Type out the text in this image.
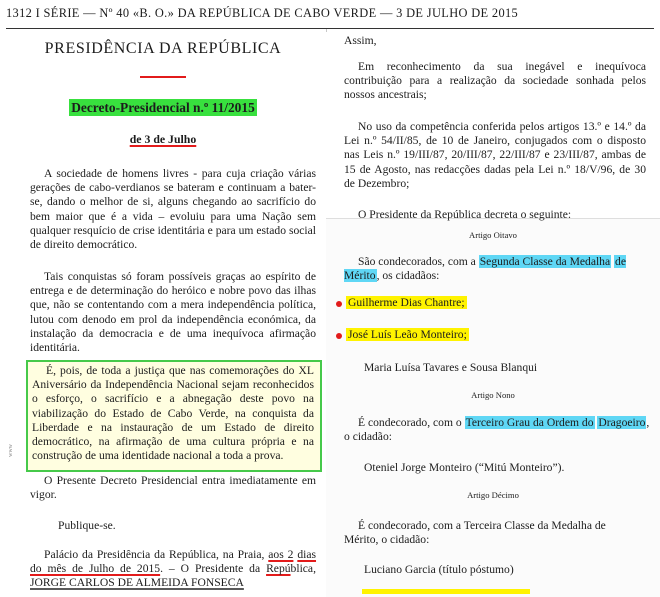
1312 I SÉRIE — Nº 40 «B. O.» DA REPÚBLICA DE CABO VERDE — 3 DE JULHO DE 2015
PRESIDÊNCIA DA REPÚBLICA
Decreto-Presidencial n.º 11/2015
de 3 de Julho
A sociedade de homens livres - para cuja criação várias gerações de cabo-verdianos se bateram e continuam a bater-se, dando o melhor de si, alguns chegando ao sacrifício do bem maior que é a vida – evoluiu para uma Nação sem qualquer resquício de crise identitária e para um estado social de direito democrático.
Tais conquistas só foram possíveis graças ao espírito de entrega e de determinação do heróico e nobre povo das ilhas que, não se contentando com a mera independência política, lutou com denodo em prol da independência económica, da instalação da democracia e de uma inequívoca afirmação identitária.
É, pois, de toda a justiça que nas comemorações do XL Aniversário da Independência Nacional sejam reconhecidos o esforço, o sacrifício e a abnegação deste povo na viabilização do Estado de Cabo Verde, na conquista da Liberdade e na instauração de um Estado de direito democrático, na afirmação de uma cultura própria e na construção de uma identidade nacional a toda a prova.
www
O Presente Decreto Presidencial entra imediatamente em vigor.
Publique-se.
Palácio da Presidência da República, na Praia, aos 2 dias do mês de Julho de 2015. – O Presidente da República, JORGE CARLOS DE ALMEIDA FONSECA
Assim,
Em reconhecimento da sua inegável e inequívoca contribuição para a realização da sociedade sonhada pelos nossos ancestrais;
No uso da competência conferida pelos artigos 13.º e 14.º da Lei n.º 54/II/85, de 10 de Janeiro, conjugados com o disposto nas Leis n.º 19/III/87, 20/III/87, 22/III/87 e 23/III/87, ambas de 15 de Agosto, nas redacções dadas pela Lei n.º 18/V/96, de 30 de Dezembro;
O Presidente da República decreta o seguinte:
Artigo Oitavo
São condecorados, com a Segunda Classe da Medalha de Mérito, os cidadãos:
Guilherme Dias Chantre;
José Luís Leão Monteiro;
Maria Luísa Tavares e Sousa Blanqui
Artigo Nono
É condecorado, com o Terceiro Grau da Ordem do Dragoeiro, o cidadão:
Oteniel Jorge Monteiro (“Mitú Monteiro”).
Artigo Décimo
É condecorado, com a Terceira Classe da Medalha de
Mérito, o cidadão:
Luciano Garcia (título póstumo)
